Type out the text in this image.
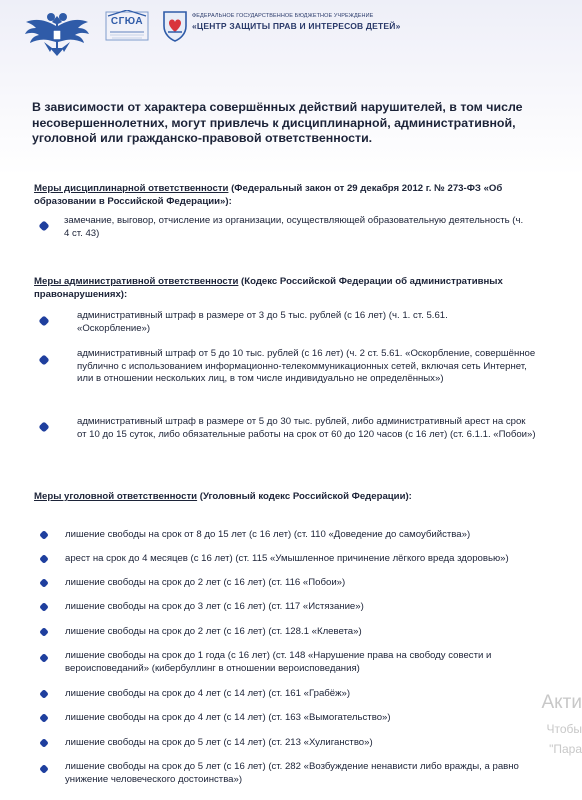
СГЮА	ФЕДЕРАЛЬНОЕ ГОСУДАРСТВЕННОЕ БЮДЖЕТНОЕ УЧРЕЖДЕНИЕ
«ЦЕНТР ЗАЩИТЫ ПРАВ И ИНТЕРЕСОВ ДЕТЕЙ»
В зависимости от характера совершённых действий нарушителей, в том числе несовершеннолетних, могут привлечь к дисциплинарной, административной, уголовной или гражданско-правовой ответственности.
Меры дисциплинарной ответственности (Федеральный закон от 29 декабря 2012 г. № 273-ФЗ «Об образовании в Российской Федерации»):
замечание, выговор, отчисление из организации, осуществляющей образовательную деятельность (ч. 4 ст. 43)
Меры административной ответственности (Кодекс Российской Федерации об административных правонарушениях):
административный штраф в размере от 3 до 5 тыс. рублей (с 16 лет) (ч. 1. ст. 5.61. «Оскорбление»)
административный штраф от 5 до 10 тыс. рублей (с 16 лет) (ч. 2 ст. 5.61. «Оскорбление, совершённое публично с использованием информационно-телекоммуникационных сетей, включая сеть Интернет, или в отношении нескольких лиц, в том числе индивидуально не определённых»)
административный штраф в размере от 5 до 30 тыс. рублей, либо административный арест на срок от 10 до 15 суток, либо обязательные работы на срок от 60 до 120 часов (с 16 лет) (ст. 6.1.1. «Побои»)
Меры уголовной ответственности (Уголовный кодекс Российской Федерации):
лишение свободы на срок от 8 до 15 лет (с 16 лет) (ст. 110 «Доведение до самоубийства»)
арест на срок до 4 месяцев (с 16 лет) (ст. 115 «Умышленное причинение лёгкого вреда здоровью»)
лишение свободы на срок до 2 лет (с 16 лет) (ст. 116 «Побои»)
лишение свободы на срок до 3 лет (с 16 лет) (ст. 117 «Истязание»)
лишение свободы на срок до 2 лет (с 16 лет) (ст. 128.1 «Клевета»)
лишение свободы на срок до 1 года (с 16 лет) (ст. 148 «Нарушение права на свободу совести и вероисповеданий» (кибербуллинг в отношении вероисповедания)
лишение свободы на срок до 4 лет (с 14 лет) (ст. 161 «Грабёж»)
лишение свободы на срок до 4 лет (с 14 лет) (ст. 163 «Вымогательство»)
лишение свободы на срок до 5 лет (с 14 лет) (ст. 213 «Хулиганство»)
лишение свободы на срок до 5 лет (с 16 лет) (ст. 282 «Возбуждение ненависти либо вражды, а равно унижение человеческого достоинства»)
Акти
Чтобы
"Пара
